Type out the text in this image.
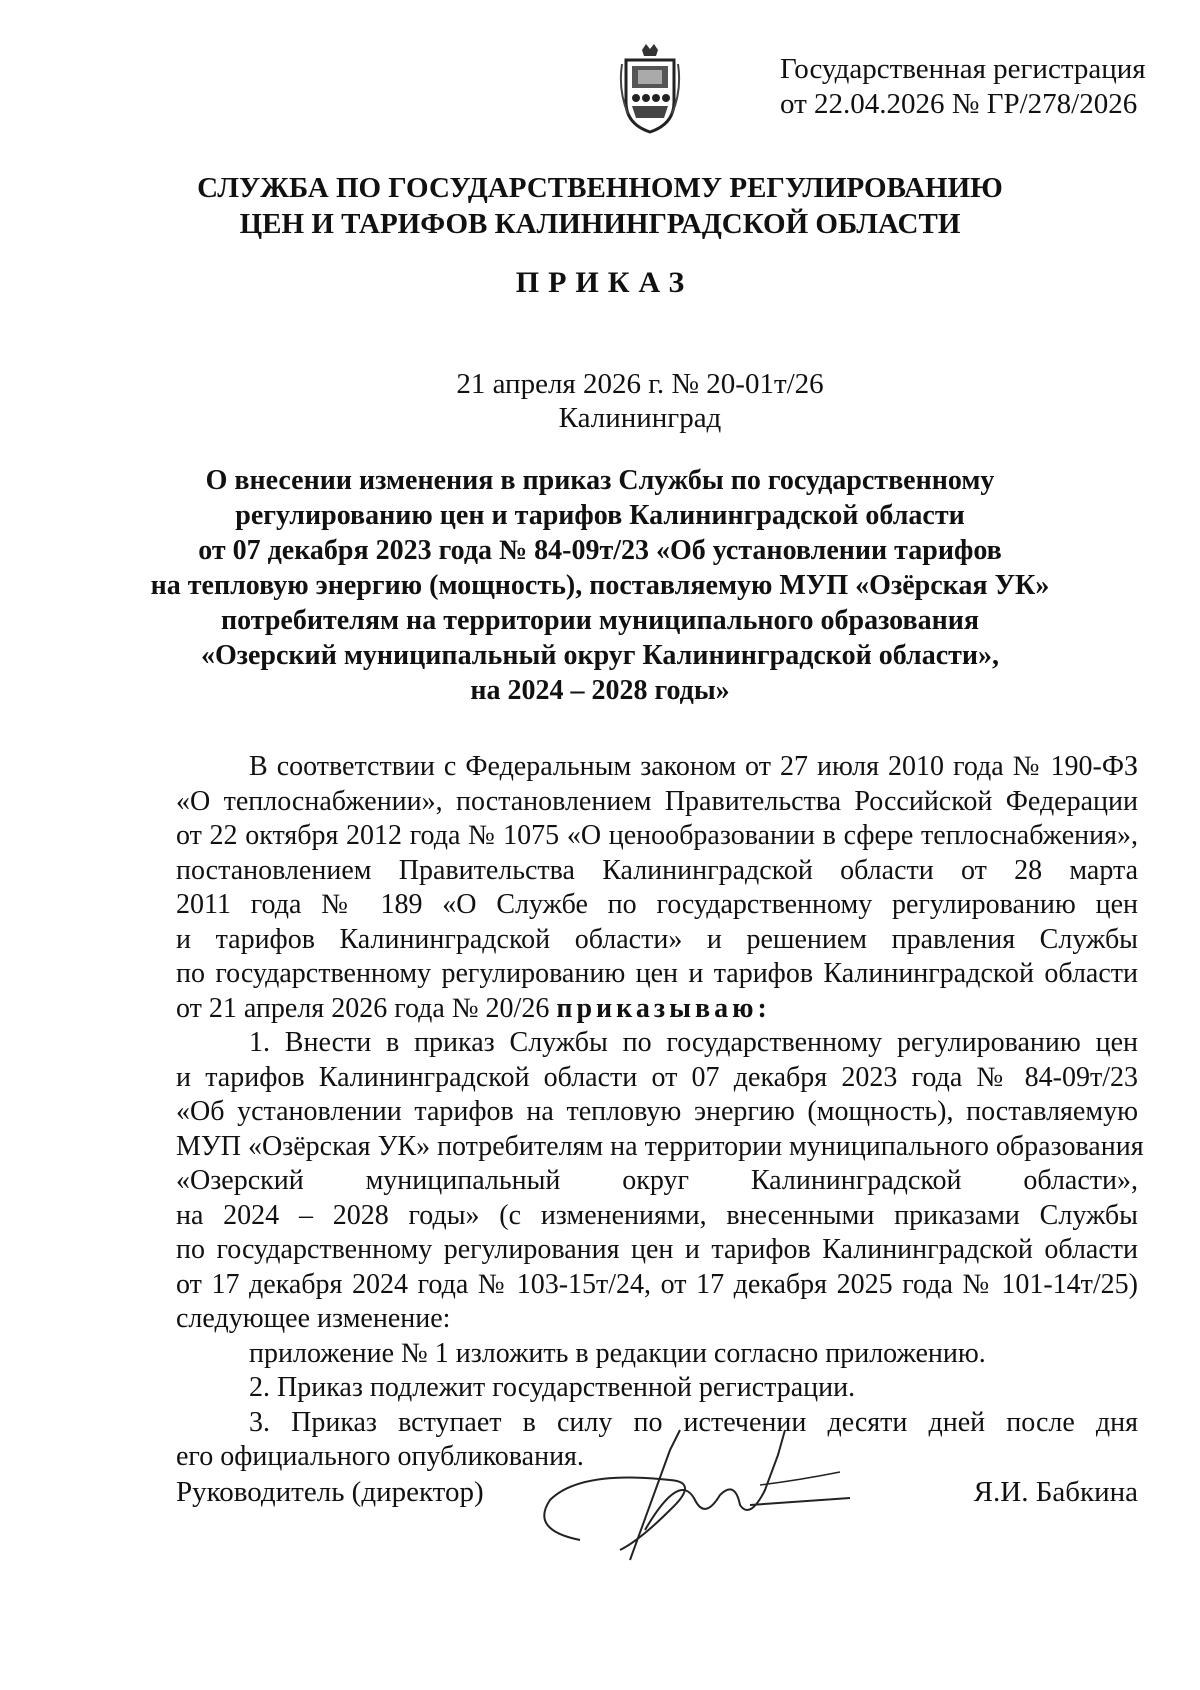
Государственная регистрация
от 22.04.2026 № ГР/278/2026
СЛУЖБА ПО ГОСУДАРСТВЕННОМУ РЕГУЛИРОВАНИЮ
ЦЕН И ТАРИФОВ КАЛИНИНГРАДСКОЙ ОБЛАСТИ
ПРИКАЗ
21 апреля 2026 г. № 20-01т/26
Калининград
О внесении изменения в приказ Службы по государственному
регулированию цен и тарифов Калининградской области
от 07 декабря 2023 года № 84-09т/23 «Об установлении тарифов
на тепловую энергию (мощность), поставляемую МУП «Озёрская УК»
потребителям на территории муниципального образования
«Озерский муниципальный округ Калининградской области»,
на 2024 – 2028 годы»

В соответствии с Федеральным законом от 27 июля 2010 года № 190-ФЗ
«О теплоснабжении», постановлением Правительства Российской Федерации
от 22 октября 2012 года № 1075 «О ценообразовании в сфере теплоснабжения»,
постановлением Правительства Калининградской области от 28 марта
2011 года № 189 «О Службе по государственному регулированию цен
и тарифов Калининградской области» и решением правления Службы
по государственному регулированию цен и тарифов Калининградской области
от 21 апреля 2026 года № 20/26 приказываю:

1. Внести в приказ Службы по государственному регулированию цен
и тарифов Калининградской области от 07 декабря 2023 года № 84-09т/23
«Об установлении тарифов на тепловую энергию (мощность), поставляемую
МУП «Озёрская УК» потребителям на территории муниципального образования
«Озерский муниципальный округ Калининградской области»,
на 2024 – 2028 годы» (с изменениями, внесенными приказами Службы
по государственному регулирования цен и тарифов Калининградской области
от 17 декабря 2024 года № 103-15т/24, от 17 декабря 2025 года № 101-14т/25)
следующее изменение:
приложение № 1 изложить в редакции согласно приложению.

2. Приказ подлежит государственной регистрации.

3. Приказ вступает в силу по истечении десяти дней после дня
его официального опубликования.

Руководитель (директор)	Я.И. Бабкина
